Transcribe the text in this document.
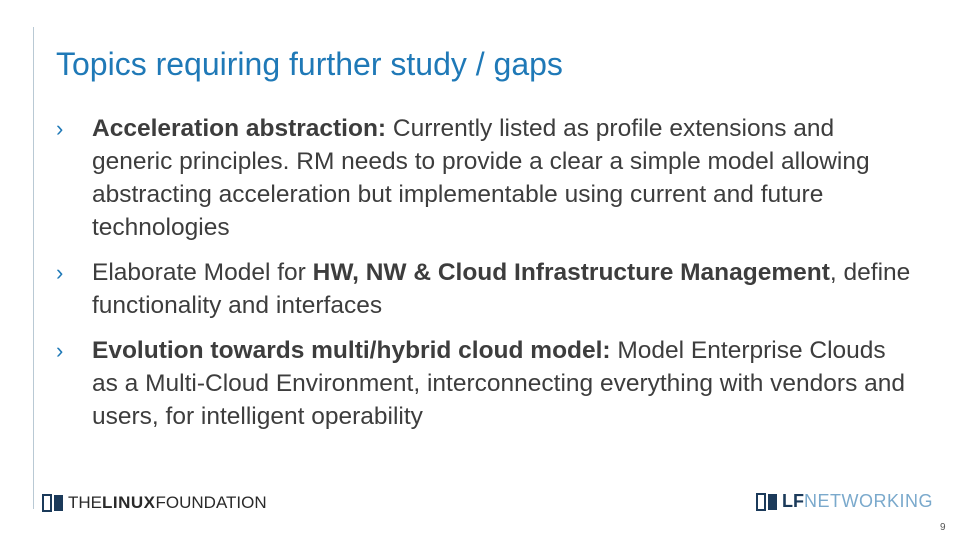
Topics requiring further study / gaps
› Acceleration abstraction: Currently listed as profile extensions and generic principles. RM needs to provide a clear a simple model allowing abstracting acceleration but implementable using current and future technologies
› Elaborate Model for HW, NW & Cloud Infrastructure Management, define functionality and interfaces
› Evolution towards multi/hybrid cloud model: Model Enterprise Clouds as a Multi-Cloud Environment, interconnecting everything with vendors and users, for intelligent operability
THE LINUX FOUNDATION	LF NETWORKING
9
